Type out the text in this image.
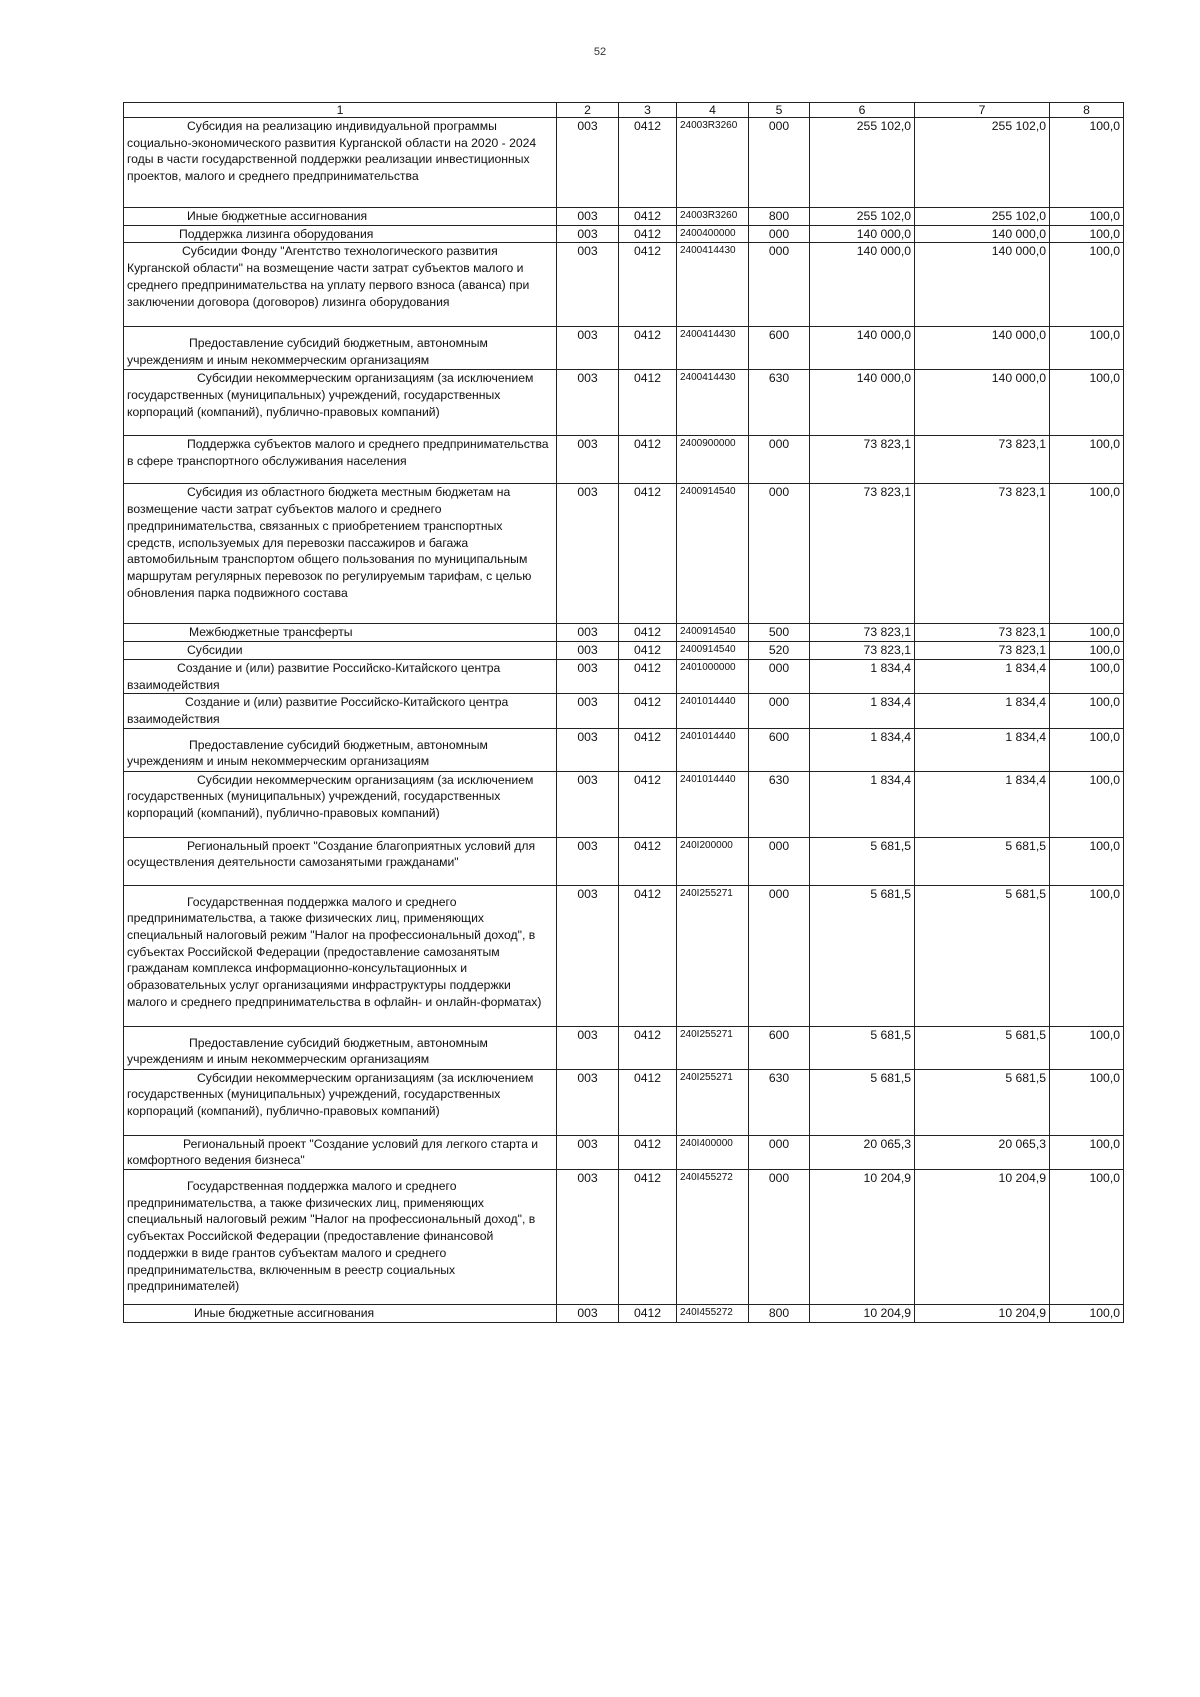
52
1	2	3	4	5	6	7	8

Субсидия на реализацию индивидуальной программы социально-экономического развития Курганской области на 2020 - 2024 годы в части государственной поддержки реализации инвестиционных проектов, малого и среднего предпринимательства	003	0412	24003R3260	000	255 102,0	255 102,0	100,0

Иные бюджетные ассигнования	003	0412	24003R3260	800	255 102,0	255 102,0	100,0

Поддержка лизинга оборудования	003	0412	2400400000	000	140 000,0	140 000,0	100,0

Субсидии Фонду "Агентство технологического развития Курганской области" на возмещение части затрат субъектов малого и среднего предпринимательства на уплату первого взноса (аванса) при заключении договора (договоров) лизинга оборудования	003	0412	2400414430	000	140 000,0	140 000,0	100,0

Предоставление субсидий бюджетным, автономным учреждениям и иным некоммерческим организациям	003	0412	2400414430	600	140 000,0	140 000,0	100,0

Субсидии некоммерческим организациям (за исключением государственных (муниципальных) учреждений, государственных корпораций (компаний), публично-правовых компаний)	003	0412	2400414430	630	140 000,0	140 000,0	100,0

Поддержка субъектов малого и среднего предпринимательства в сфере транспортного обслуживания населения	003	0412	2400900000	000	73 823,1	73 823,1	100,0

Субсидия из областного бюджета местным бюджетам на возмещение части затрат субъектов малого и среднего предпринимательства, связанных с приобретением транспортных средств, используемых для перевозки пассажиров и багажа автомобильным транспортом общего пользования по муниципальным маршрутам регулярных перевозок по регулируемым тарифам, с целью обновления парка подвижного состава	003	0412	2400914540	000	73 823,1	73 823,1	100,0

Межбюджетные трансферты	003	0412	2400914540	500	73 823,1	73 823,1	100,0

Субсидии	003	0412	2400914540	520	73 823,1	73 823,1	100,0

Создание и (или) развитие Российско-Китайского центра взаимодействия	003	0412	2401000000	000	1 834,4	1 834,4	100,0

Создание и (или) развитие Российско-Китайского центра взаимодействия	003	0412	2401014440	000	1 834,4	1 834,4	100,0

Предоставление субсидий бюджетным, автономным учреждениям и иным некоммерческим организациям	003	0412	2401014440	600	1 834,4	1 834,4	100,0

Субсидии некоммерческим организациям (за исключением государственных (муниципальных) учреждений, государственных корпораций (компаний), публично-правовых компаний)	003	0412	2401014440	630	1 834,4	1 834,4	100,0

Региональный проект "Создание благоприятных условий для осуществления деятельности самозанятыми гражданами"	003	0412	240I200000	000	5 681,5	5 681,5	100,0

Государственная поддержка малого и среднего предпринимательства, а также физических лиц, применяющих специальный налоговый режим "Налог на профессиональный доход", в субъектах Российской Федерации (предоставление самозанятым гражданам комплекса информационно-консультационных и образовательных услуг организациями инфраструктуры поддержки малого и среднего предпринимательства в офлайн- и онлайн-форматах)	003	0412	240I255271	000	5 681,5	5 681,5	100,0

Предоставление субсидий бюджетным, автономным учреждениям и иным некоммерческим организациям	003	0412	240I255271	600	5 681,5	5 681,5	100,0

Субсидии некоммерческим организациям (за исключением государственных (муниципальных) учреждений, государственных корпораций (компаний), публично-правовых компаний)	003	0412	240I255271	630	5 681,5	5 681,5	100,0

Региональный проект "Создание условий для легкого старта и комфортного ведения бизнеса"	003	0412	240I400000	000	20 065,3	20 065,3	100,0

Государственная поддержка малого и среднего предпринимательства, а также физических лиц, применяющих специальный налоговый режим "Налог на профессиональный доход", в субъектах Российской Федерации (предоставление финансовой поддержки в виде грантов субъектам малого и среднего предпринимательства, включенным в реестр социальных предпринимателей)	003	0412	240I455272	000	10 204,9	10 204,9	100,0

Иные бюджетные ассигнования	003	0412	240I455272	800	10 204,9	10 204,9	100,0
